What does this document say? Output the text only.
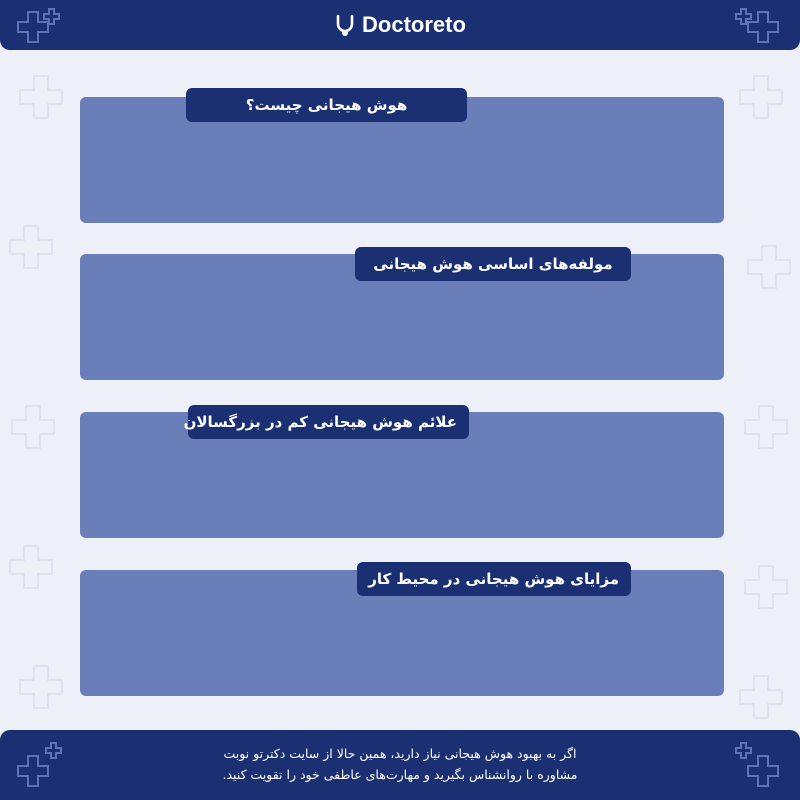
Doctoreto
هوش هیجانی چیست؟
مولفه‌های اساسی هوش هیجانی
علائم هوش هیجانی کم در بزرگسالان
مزایای هوش هیجانی در محیط کار
اگر به بهبود هوش هیجانی نیاز دارید، همین حالا از سایت دکترتو نوبت
مشاوره با روانشناس بگیرید و مهارت‌های عاطفی خود را تقویت کنید.
